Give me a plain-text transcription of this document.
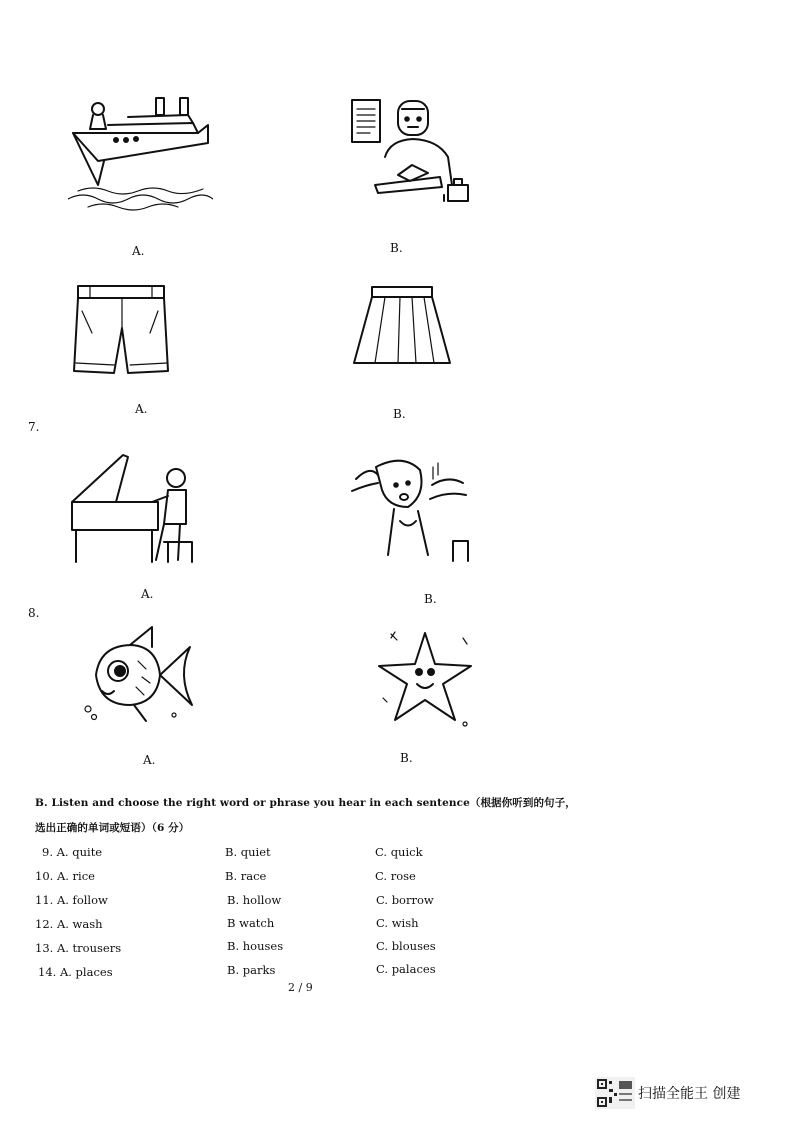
A.	B.
A.	B.
7.
A.	B.
8.
A.	B.
B. Listen and choose the right word or phrase you hear in each sentence（根据你听到的句子，
选出正确的单词或短语）（6 分）
9. A. quite	B. quiet	C. quick
10. A. rice	B. race	C. rose
11. A. follow	B. hollow	C. borrow
12. A. wash	B watch	C. wish
13. A. trousers	B. houses	C. blouses
14. A. places	B. parks	C. palaces
2 / 9
扫描全能王 创建
